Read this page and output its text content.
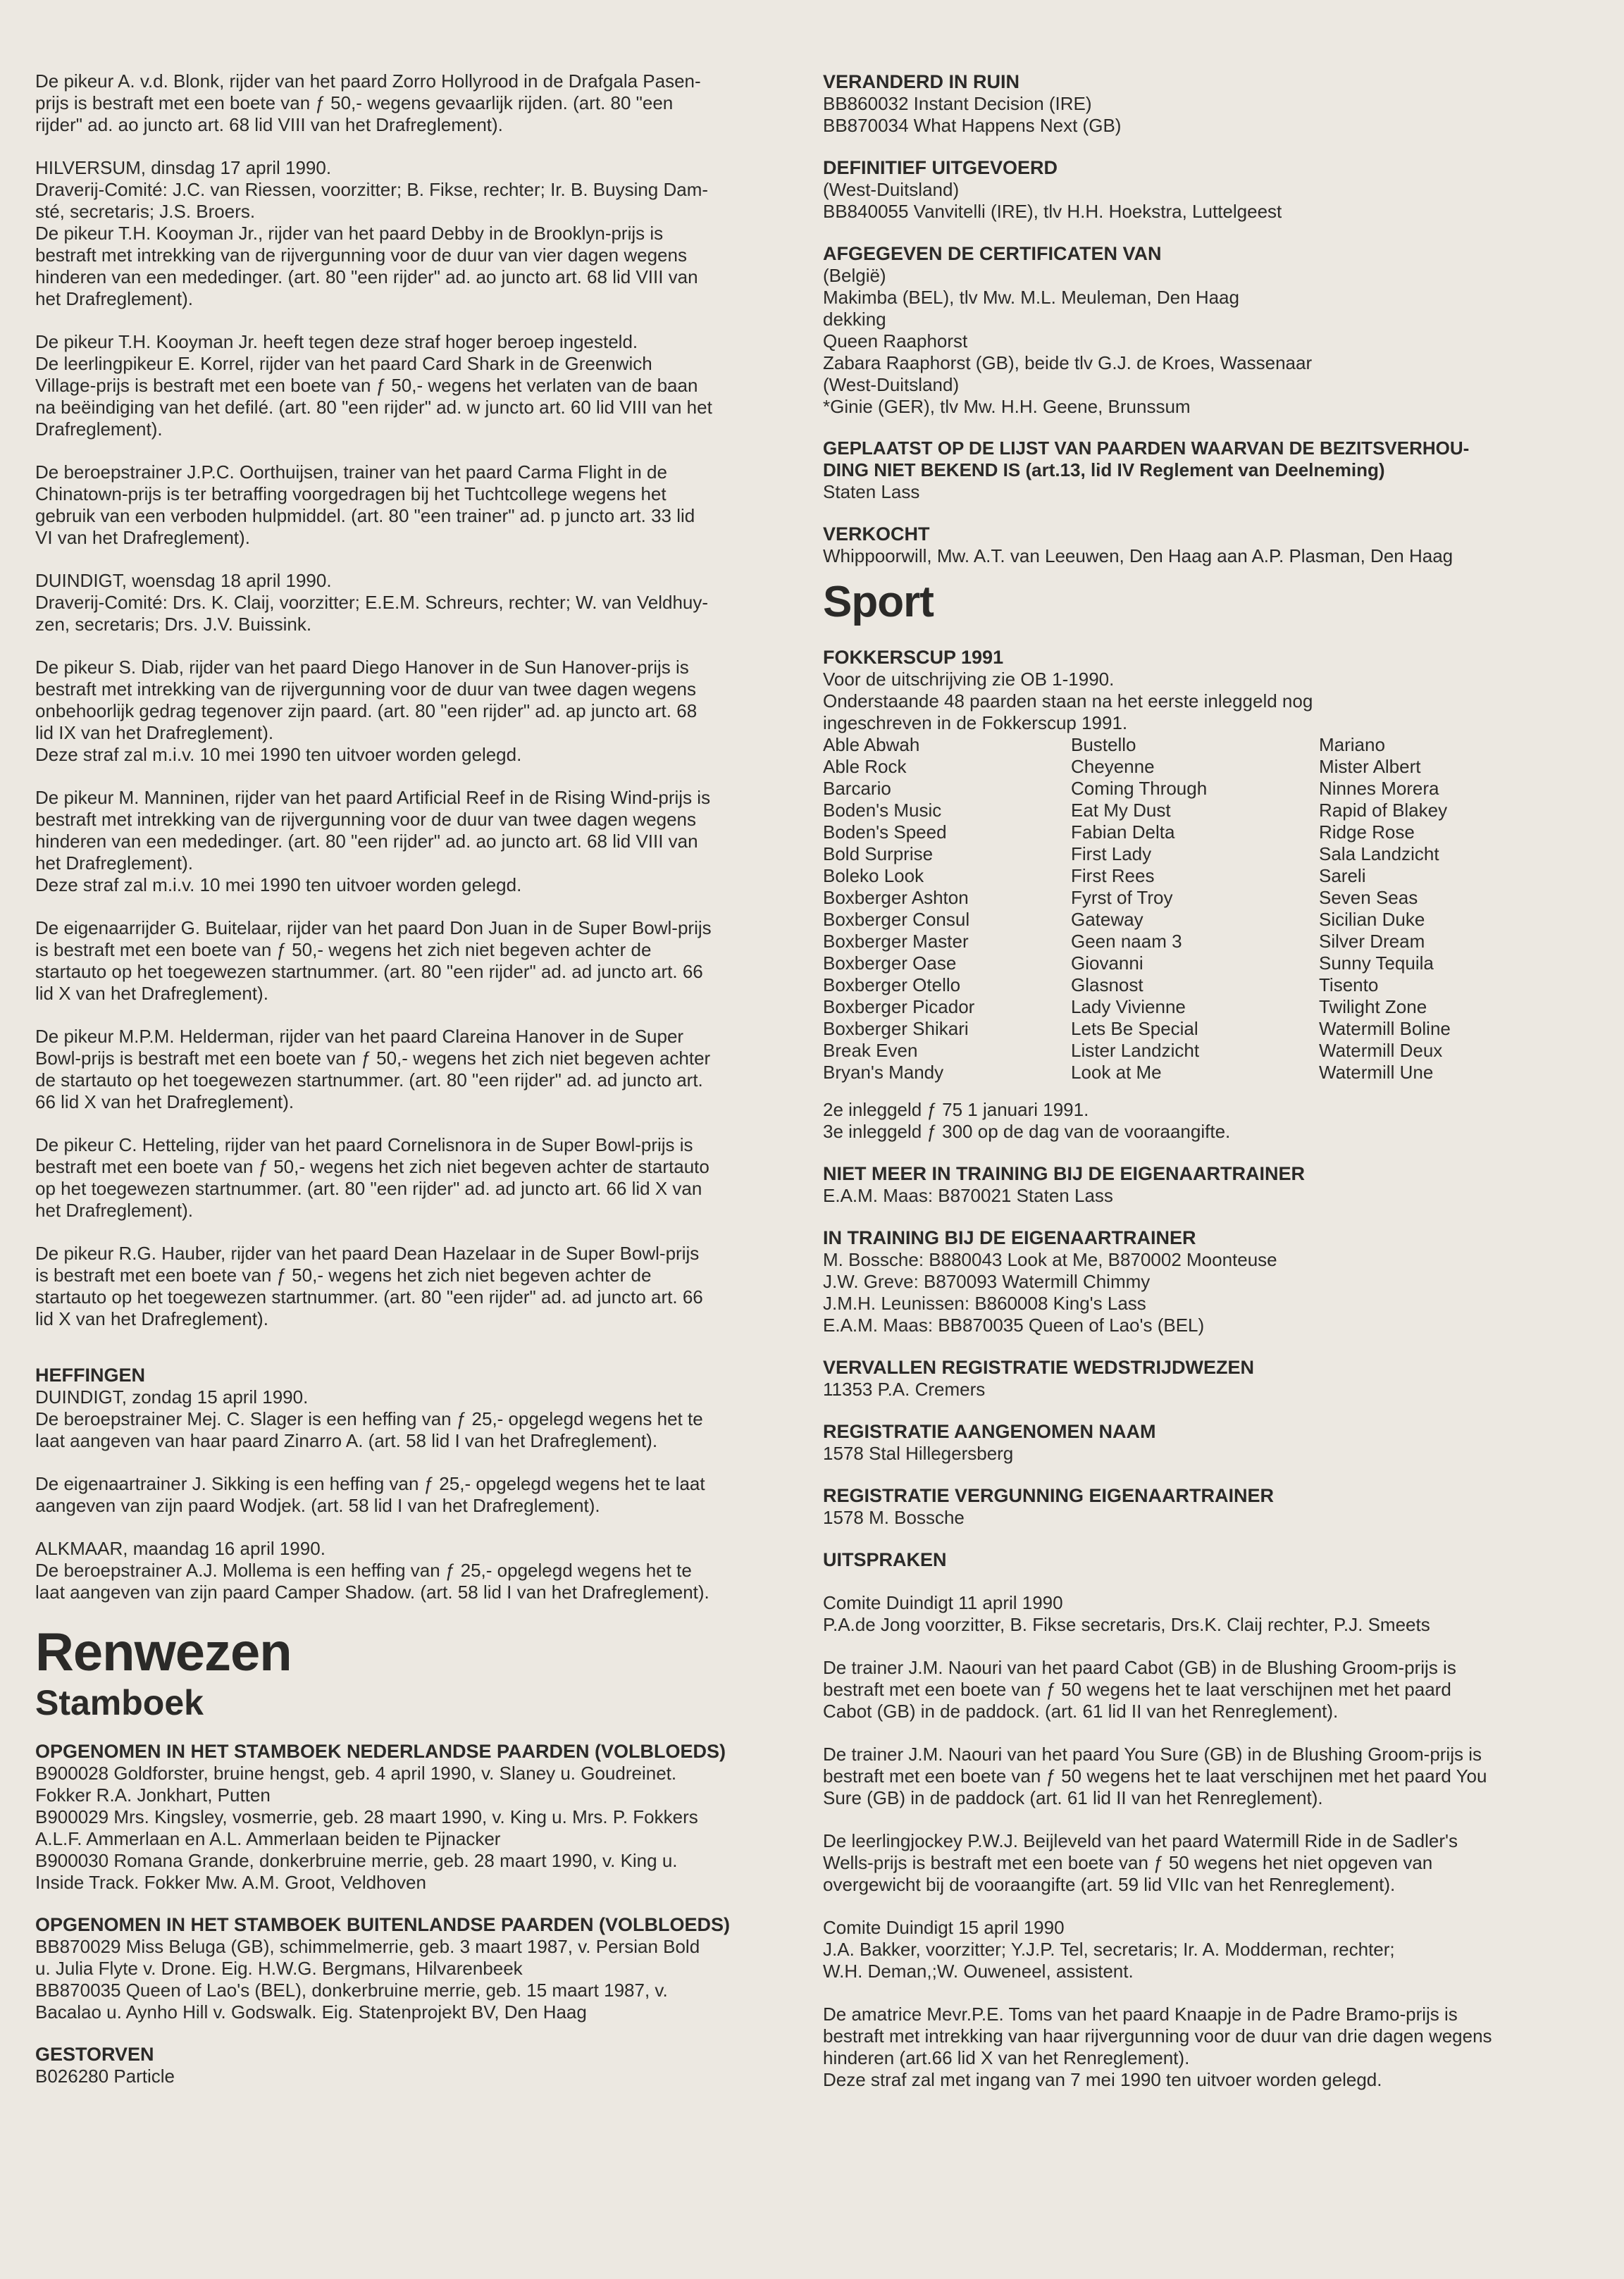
De pikeur A. v.d. Blonk, rijder van het paard Zorro Hollyrood in de Drafgala Pasen-
prijs is bestraft met een boete van ƒ 50,- wegens gevaarlijk rijden. (art. 80 "een
rijder" ad. ao juncto art. 68 lid VIII van het Drafreglement).
HILVERSUM, dinsdag 17 april 1990.
Draverij-Comité: J.C. van Riessen, voorzitter; B. Fikse, rechter; Ir. B. Buysing Dam-
sté, secretaris; J.S. Broers.
De pikeur T.H. Kooyman Jr., rijder van het paard Debby in de Brooklyn-prijs is
bestraft met intrekking van de rijvergunning voor de duur van vier dagen wegens
hinderen van een mededinger. (art. 80 "een rijder" ad. ao juncto art. 68 lid VIII van
het Drafreglement).
De pikeur T.H. Kooyman Jr. heeft tegen deze straf hoger beroep ingesteld.
De leerlingpikeur E. Korrel, rijder van het paard Card Shark in de Greenwich
Village-prijs is bestraft met een boete van ƒ 50,- wegens het verlaten van de baan
na beëindiging van het defilé. (art. 80 "een rijder" ad. w juncto art. 60 lid VIII van het
Drafreglement).
De beroepstrainer J.P.C. Oorthuijsen, trainer van het paard Carma Flight in de
Chinatown-prijs is ter betraffing voorgedragen bij het Tuchtcollege wegens het
gebruik van een verboden hulpmiddel. (art. 80 "een trainer" ad. p juncto art. 33 lid
VI van het Drafreglement).
DUINDIGT, woensdag 18 april 1990.
Draverij-Comité: Drs. K. Claij, voorzitter; E.E.M. Schreurs, rechter; W. van Veldhuy-
zen, secretaris; Drs. J.V. Buissink.
De pikeur S. Diab, rijder van het paard Diego Hanover in de Sun Hanover-prijs is
bestraft met intrekking van de rijvergunning voor de duur van twee dagen wegens
onbehoorlijk gedrag tegenover zijn paard. (art. 80 "een rijder" ad. ap juncto art. 68
lid IX van het Drafreglement).
Deze straf zal m.i.v. 10 mei 1990 ten uitvoer worden gelegd.
De pikeur M. Manninen, rijder van het paard Artificial Reef in de Rising Wind-prijs is
bestraft met intrekking van de rijvergunning voor de duur van twee dagen wegens
hinderen van een mededinger. (art. 80 "een rijder" ad. ao juncto art. 68 lid VIII van
het Drafreglement).
Deze straf zal m.i.v. 10 mei 1990 ten uitvoer worden gelegd.
De eigenaarrijder G. Buitelaar, rijder van het paard Don Juan in de Super Bowl-prijs
is bestraft met een boete van ƒ 50,- wegens het zich niet begeven achter de
startauto op het toegewezen startnummer. (art. 80 "een rijder" ad. ad juncto art. 66
lid X van het Drafreglement).
De pikeur M.P.M. Helderman, rijder van het paard Clareina Hanover in de Super
Bowl-prijs is bestraft met een boete van ƒ 50,- wegens het zich niet begeven achter
de startauto op het toegewezen startnummer. (art. 80 "een rijder" ad. ad juncto art.
66 lid X van het Drafreglement).
De pikeur C. Hetteling, rijder van het paard Cornelisnora in de Super Bowl-prijs is
bestraft met een boete van ƒ 50,- wegens het zich niet begeven achter de startauto
op het toegewezen startnummer. (art. 80 "een rijder" ad. ad juncto art. 66 lid X van
het Drafreglement).
De pikeur R.G. Hauber, rijder van het paard Dean Hazelaar in de Super Bowl-prijs
is bestraft met een boete van ƒ 50,- wegens het zich niet begeven achter de
startauto op het toegewezen startnummer. (art. 80 "een rijder" ad. ad juncto art. 66
lid X van het Drafreglement).
HEFFINGEN
DUINDIGT, zondag 15 april 1990.
De beroepstrainer Mej. C. Slager is een heffing van ƒ 25,- opgelegd wegens het te
laat aangeven van haar paard Zinarro A. (art. 58 lid I van het Drafreglement).
De eigenaartrainer J. Sikking is een heffing van ƒ 25,- opgelegd wegens het te laat
aangeven van zijn paard Wodjek. (art. 58 lid I van het Drafreglement).
ALKMAAR, maandag 16 april 1990.
De beroepstrainer A.J. Mollema is een heffing van ƒ 25,- opgelegd wegens het te
laat aangeven van zijn paard Camper Shadow. (art. 58 lid I van het Drafreglement).
Renwezen
Stamboek
OPGENOMEN IN HET STAMBOEK NEDERLANDSE PAARDEN (VOLBLOEDS)
B900028 Goldforster, bruine hengst, geb. 4 april 1990, v. Slaney u. Goudreinet.
Fokker R.A. Jonkhart, Putten
B900029 Mrs. Kingsley, vosmerrie, geb. 28 maart 1990, v. King u. Mrs. P. Fokkers
A.L.F. Ammerlaan en A.L. Ammerlaan beiden te Pijnacker
B900030 Romana Grande, donkerbruine merrie, geb. 28 maart 1990, v. King u.
Inside Track. Fokker Mw. A.M. Groot, Veldhoven
OPGENOMEN IN HET STAMBOEK BUITENLANDSE PAARDEN (VOLBLOEDS)
BB870029 Miss Beluga (GB), schimmelmerrie, geb. 3 maart 1987, v. Persian Bold
u. Julia Flyte v. Drone. Eig. H.W.G. Bergmans, Hilvarenbeek
BB870035 Queen of Lao's (BEL), donkerbruine merrie, geb. 15 maart 1987, v.
Bacalao u. Aynho Hill v. Godswalk. Eig. Statenprojekt BV, Den Haag
GESTORVEN
B026280 Particle
VERANDERD IN RUIN
BB860032 Instant Decision (IRE)
BB870034 What Happens Next (GB)
DEFINITIEF UITGEVOERD
(West-Duitsland)
BB840055 Vanvitelli (IRE), tlv H.H. Hoekstra, Luttelgeest
AFGEGEVEN DE CERTIFICATEN VAN
(België)
Makimba (BEL), tlv Mw. M.L. Meuleman, Den Haag
dekking
Queen Raaphorst
Zabara Raaphorst (GB), beide tlv G.J. de Kroes, Wassenaar
(West-Duitsland)
*Ginie (GER), tlv Mw. H.H. Geene, Brunssum
GEPLAATST OP DE LIJST VAN PAARDEN WAARVAN DE BEZITSVERHOU-
DING NIET BEKEND IS (art.13, lid IV Reglement van Deelneming)
Staten Lass
VERKOCHT
Whippoorwill, Mw. A.T. van Leeuwen, Den Haag aan A.P. Plasman, Den Haag
Sport
FOKKERSCUP 1991
Voor de uitschrijving zie OB 1-1990.
Onderstaande 48 paarden staan na het eerste inleggeld nog
ingeschreven in de Fokkerscup 1991.
Able Abwah
Able Rock
Barcario
Boden's Music
Boden's Speed
Bold Surprise
Boleko Look
Boxberger Ashton
Boxberger Consul
Boxberger Master
Boxberger Oase
Boxberger Otello
Boxberger Picador
Boxberger Shikari
Break Even
Bryan's Mandy
Bustello
Cheyenne
Coming Through
Eat My Dust
Fabian Delta
First Lady
First Rees
Fyrst of Troy
Gateway
Geen naam 3
Giovanni
Glasnost
Lady Vivienne
Lets Be Special
Lister Landzicht
Look at Me
Mariano
Mister Albert
Ninnes Morera
Rapid of Blakey
Ridge Rose
Sala Landzicht
Sareli
Seven Seas
Sicilian Duke
Silver Dream
Sunny Tequila
Tisento
Twilight Zone
Watermill Boline
Watermill Deux
Watermill Une
2e inleggeld ƒ 75 1 januari 1991.
3e inleggeld ƒ 300 op de dag van de vooraangifte.
NIET MEER IN TRAINING BIJ DE EIGENAARTRAINER
E.A.M. Maas: B870021 Staten Lass
IN TRAINING BIJ DE EIGENAARTRAINER
M. Bossche: B880043 Look at Me, B870002 Moonteuse
J.W. Greve: B870093 Watermill Chimmy
J.M.H. Leunissen: B860008 King's Lass
E.A.M. Maas: BB870035 Queen of Lao's (BEL)
VERVALLEN REGISTRATIE WEDSTRIJDWEZEN
11353 P.A. Cremers
REGISTRATIE AANGENOMEN NAAM
1578 Stal Hillegersberg
REGISTRATIE VERGUNNING EIGENAARTRAINER
1578 M. Bossche
UITSPRAKEN
Comite Duindigt 11 april 1990
P.A.de Jong voorzitter, B. Fikse secretaris, Drs.K. Claij rechter, P.J. Smeets
De trainer J.M. Naouri van het paard Cabot (GB) in de Blushing Groom-prijs is
bestraft met een boete van ƒ 50 wegens het te laat verschijnen met het paard
Cabot (GB) in de paddock. (art. 61 lid II van het Renreglement).
De trainer J.M. Naouri van het paard You Sure (GB) in de Blushing Groom-prijs is
bestraft met een boete van ƒ 50 wegens het te laat verschijnen met het paard You
Sure (GB) in de paddock (art. 61 lid II van het Renreglement).
De leerlingjockey P.W.J. Beijleveld van het paard Watermill Ride in de Sadler's
Wells-prijs is bestraft met een boete van ƒ 50 wegens het niet opgeven van
overgewicht bij de vooraangifte (art. 59 lid VIIc van het Renreglement).
Comite Duindigt 15 april 1990
J.A. Bakker, voorzitter; Y.J.P. Tel, secretaris; Ir. A. Modderman, rechter;
W.H. Deman,;W. Ouweneel, assistent.
De amatrice Mevr.P.E. Toms van het paard Knaapje in de Padre Bramo-prijs is
bestraft met intrekking van haar rijvergunning voor de duur van drie dagen wegens
hinderen (art.66 lid X van het Renreglement).
Deze straf zal met ingang van 7 mei 1990 ten uitvoer worden gelegd.
